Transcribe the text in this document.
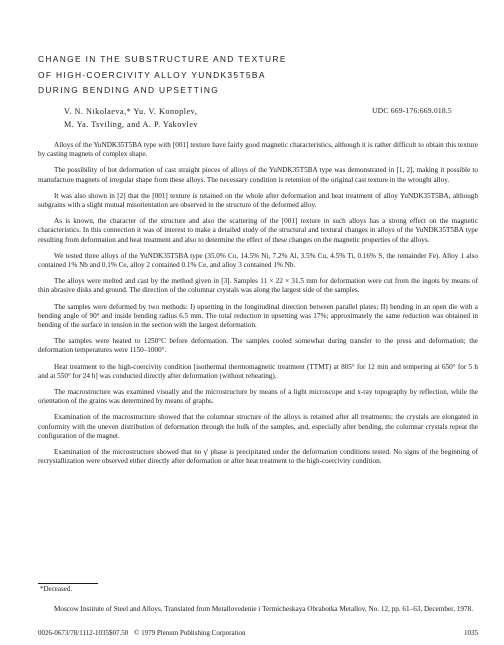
CHANGE IN THE SUBSTRUCTURE AND TEXTURE
OF HIGH-COERCIVITY ALLOY YUNDK35T5BA
DURING BENDING AND UPSETTING
V. N. Nikolaeva,* Yu. V. Konoplev,
M. Ya. Tsviling, and A. P. Yakovlev
UDC 669-176:669.018.5

Alloys of the YuNDK35T5BA type with [001] texture have fairly good magnetic characteristics, although it is rather difficult to obtain this texture by casting magnets of complex shape.

The possibility of hot deformation of cast straight pieces of alloys of the YuNDK35T5BA type was demonstrated in [1, 2], making it possible to manufacture magnets of irregular shape from these alloys. The necessary condition is retention of the original cast texture in the wrought alloy.

It was also shown in [2] that the [001] texture is retained on the whole after deformation and heat treatment of alloy YuNDK35T5BA, although subgrains with a slight mutual misorientation are observed in the structure of the deformed alloy.

As is known, the character of the structure and also the scattering of the [001] texture in such alloys has a strong effect on the magnetic characteristics. In this connection it was of interest to make a detailed study of the structural and textural changes in alloys of the YuNDK35T5BA type resulting from deformation and heat treatment and also to determine the effect of these changes on the magnetic properties of the alloys.

We tested three alloys of the YuNDK35T5BA type (35.0% Co, 14.5% Ni, 7.2% Al, 3.5% Cu, 4.5% Ti, 0.16% S, the remainder Fe). Alloy 1 also contained 1% Nb and 0.1% Ce, alloy 2 contained 0.1% Ce, and alloy 3 contained 1% Nb.

The alloys were melted and cast by the method given in [3]. Samples 11 × 22 × 31.5 mm for deformation were cut from the ingots by means of thin abrasive disks and ground. The direction of the columnar crystals was along the largest side of the samples.

The samples were deformed by two methods: I) upsetting in the longitudinal direction between parallel plates; II) bending in an open die with a bending angle of 90° and inside bending radius 6.5 mm. The total reduction in upsetting was 17%; approximately the same reduction was obtained in bending of the surface in tension in the section with the largest deformation.

The samples were heated to 1250°C before deformation. The samples cooled somewhat during transfer to the press and deformation; the deformation temperatures were 1150–1000°.

Heat treatment to the high-coercivity condition [isothermal thermomagnetic treatment (TTMT) at 805° for 12 min and tempering at 650° for 5 h and at 550° for 24 h] was conducted directly after deformation (without reheating).

The macrostructure was examined visually and the microstructure by means of a light microscope and x-ray topography by reflection, while the orientation of the grains was determined by means of graphs.

Examination of the macrostructure showed that the columnar structure of the alloys is retained after all treatments; the crystals are elongated in conformity with the uneven distribution of deformation through the bulk of the samples, and, especially after bending, the columnar crystals repeat the configuration of the magnet.

Examination of the microstructure showed that no γ' phase is precipitated under the deformation conditions tested. No signs of the beginning of recrystallization were observed either directly after deformation or after heat treatment to the high-coercivity condition.

*Deceased.
Moscow Institute of Steel and Alloys. Translated from Metallovedenie i Termicheskaya Obrabotka Metallov, No. 12, pp. 61–63, December, 1978.
0026-0673/78/1112-1035$07.50 © 1979 Plenum Publishing Corporation	1035
